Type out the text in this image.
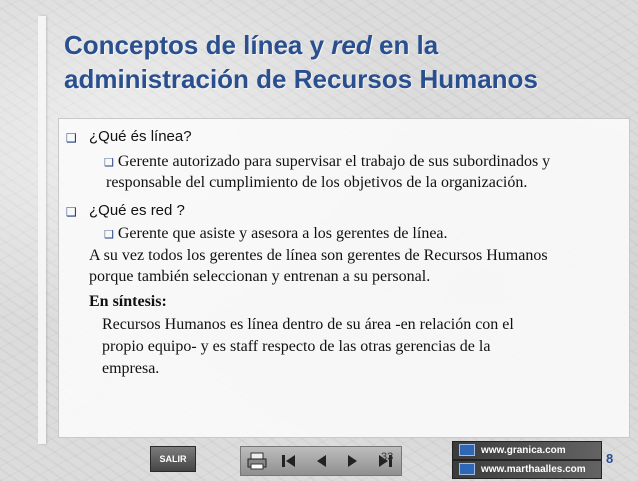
Conceptos de línea y red en la
administración de Recursos Humanos
❑ ¿Qué és línea?
❑ Gerente autorizado para supervisar el trabajo de sus subordinados y
responsable del cumplimiento de los objetivos de la organización.
❑ ¿Qué es red ?
❑ Gerente que asiste y asesora a los gerentes de línea.
A su vez todos los gerentes de línea son gerentes de Recursos Humanos
porque también seleccionan y entrenan a su personal.
En síntesis:
Recursos Humanos es línea dentro de su área -en relación con el
propio equipo- y es staff respecto de las otras gerencias de la
empresa.
SALIR	33
www.granica.com
www.marthaalles.com
8
